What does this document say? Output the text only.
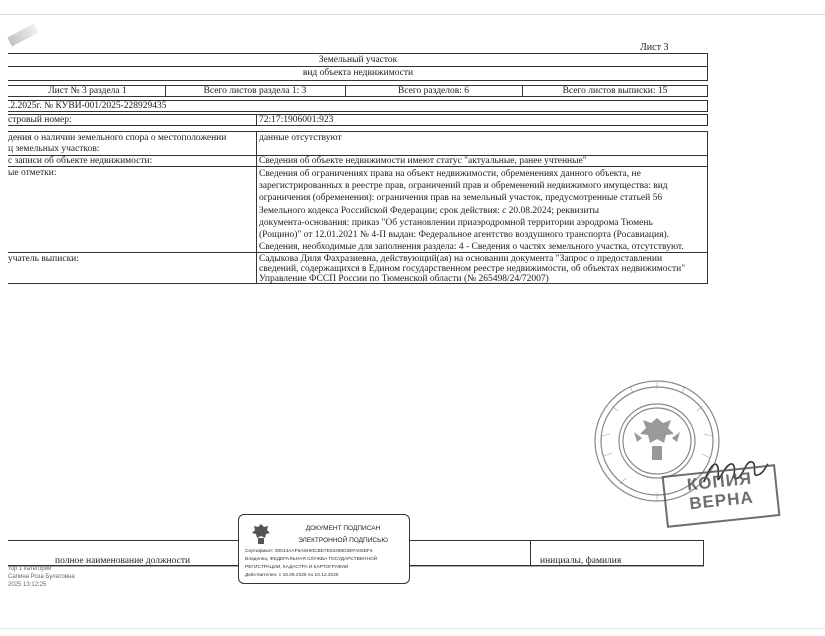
Лист 3
Земельный участок
вид объекта недвижимости
Лист № 3 раздела 1	Всего листов раздела 1: 3	Всего разделов: 6	Всего листов выписки: 15
.2.2025г. № КУВИ-001/2025-228929435
стровый номер:	72:17:1906001:923
дения о наличии земельного спора о местоположении
ц земельных участков:
данные отсутствуют
с записи об объекте недвижимости:	Сведения об объекте недвижимости имеют статус "актуальные, ранее учтенные"
ые отметки:	Сведения об ограничениях права на объект недвижимости, обременениях данного объекта, не
зарегистрированных в реестре прав, ограничений прав и обременений недвижимого имущества: вид
ограничения (обременения): ограничения прав на земельный участок, предусмотренные статьей 56
Земельного кодекса Российской Федерации; срок действия: с 20.08.2024; реквизиты
документа-основания: приказ "Об установлении приаэродромной территории аэродрома Тюмень
(Рощино)" от 12.01.2021 № 4-П выдан: Федеральное агентство воздушного транспорта (Росавиация).
Сведения, необходимые для заполнения раздела: 4 - Сведения о частях земельного участка, отсутствуют.
учатель выписки:	Садыкова Диля Фахразиевна, действующий(ая) на основании документа "Запрос о предоставлении
сведений, содержащихся в Едином государственном реестре недвижимости, об объектах недвижимости"
Управление ФССП России по Тюменской области (№ 265498/24/72007)
КОПИЯ
ВЕРНА
полное наименование должности	инициалы, фамилия
тор 1 категории
Сапина Роза Булатовна
2025 13:12:25
ДОКУМЕНТ ПОДПИСАН
ЭЛЕКТРОННОЙ ПОДПИСЬЮ
Сертификат: 00014AAF5A8490CBE7E03498D3EFA05DF4
Владелец: ФЕДЕРАЛЬНАЯ СЛУЖБА ГОСУДАРСТВЕННОЙ
РЕГИСТРАЦИИ, КАДАСТРА И КАРТОГРАФИИ
Действителен: с 16.09.2025 по 10.12.2026
